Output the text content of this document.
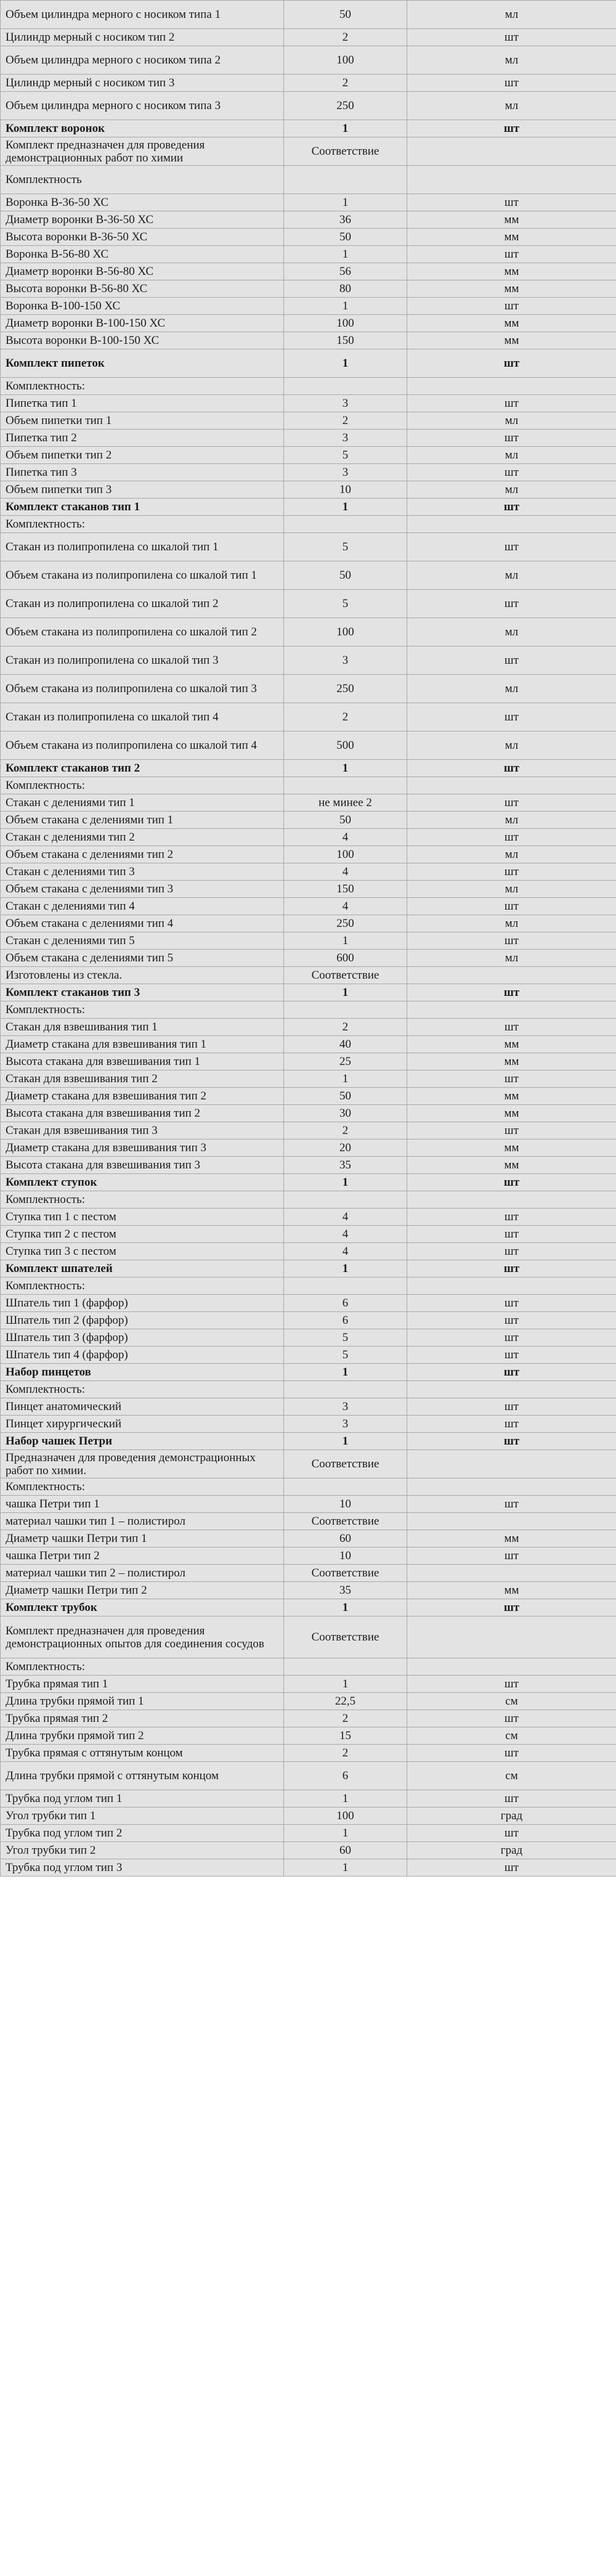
Объем цилиндра мерного с носиком типа 1	50	мл
Цилиндр мерный с носиком тип 2	2	шт
Объем цилиндра мерного с носиком типа 2	100	мл
Цилиндр мерный с носиком тип 3	2	шт
Объем цилиндра мерного с носиком типа 3	250	мл
Комплект воронок	1	шт
Комплект предназначен для проведения демонстрационных работ по химии	Соответствие	
Комплектность		
Воронка В-36-50 ХС	1	шт
Диаметр воронки В-36-50 ХС	36	мм
Высота воронки В-36-50 ХС	50	мм
Воронка В-56-80 ХС	1	шт
Диаметр воронки В-56-80 ХС	56	мм
Высота воронки В-56-80 ХС	80	мм
Воронка В-100-150 ХС	1	шт
Диаметр воронки В-100-150 ХС	100	мм
Высота воронки В-100-150 ХС	150	мм
Комплект пипеток	1	шт
Комплектность:		
Пипетка тип 1	3	шт
Объем пипетки тип 1	2	мл
Пипетка тип 2	3	шт
Объем пипетки тип 2	5	мл
Пипетка тип 3	3	шт
Объем пипетки тип 3	10	мл
Комплект стаканов тип 1	1	шт
Комплектность:		
Стакан из полипропилена со шкалой тип 1	5	шт
Объем стакана из полипропилена со шкалой тип 1	50	мл
Стакан из полипропилена со шкалой тип 2	5	шт
Объем стакана из полипропилена со шкалой тип 2	100	мл
Стакан из полипропилена со шкалой тип 3	3	шт
Объем стакана из полипропилена со шкалой тип 3	250	мл
Стакан из полипропилена со шкалой тип 4	2	шт
Объем стакана из полипропилена со шкалой тип 4	500	мл
Комплект стаканов тип 2	1	шт
Комплектность:		
Стакан с делениями тип 1	не минее 2	шт
Объем стакана с делениями тип 1	50	мл
Стакан с делениями тип 2	4	шт
Объем стакана с делениями тип 2	100	мл
Стакан с делениями тип 3	4	шт
Объем стакана с делениями тип 3	150	мл
Стакан с делениями тип 4	4	шт
Объем стакана с делениями тип 4	250	мл
Стакан с делениями тип 5	1	шт
Объем стакана с делениями тип 5	600	мл
Изготовлены из стекла.	Соответствие	
Комплект стаканов тип 3	1	шт
Комплектность:		
Стакан для взвешивания тип 1	2	шт
Диаметр стакана для взвешивания тип 1	40	мм
Высота стакана для взвешивания тип 1	25	мм
Стакан для взвешивания тип 2	1	шт
Диаметр стакана для взвешивания тип 2	50	мм
Высота стакана для взвешивания тип 2	30	мм
Стакан для взвешивания тип 3	2	шт
Диаметр стакана для взвешивания тип 3	20	мм
Высота стакана для взвешивания тип 3	35	мм
Комплект ступок	1	шт
Комплектность:		
Ступка тип 1 с пестом	4	шт
Ступка тип 2 с пестом	4	шт
Ступка тип 3 с пестом	4	шт
Комплект шпателей	1	шт
Комплектность:		
Шпатель тип 1 (фарфор)	6	шт
Шпатель тип 2 (фарфор)	6	шт
Шпатель тип 3 (фарфор)	5	шт
Шпатель тип 4 (фарфор)	5	шт
Набор пинцетов	1	шт
Комплектность:		
Пинцет анатомический	3	шт
Пинцет хирургический	3	шт
Набор чашек Петри	1	шт
Предназначен для проведения демонстрационных работ по химии.	Соответствие	
Комплектность:		
чашка Петри тип 1	10	шт
материал чашки тип 1 – полистирол	Соответствие	
Диаметр чашки Петри тип 1	60	мм
чашка Петри тип 2	10	шт
материал чашки тип 2 – полистирол	Соответствие	
Диаметр чашки Петри тип 2	35	мм
Комплект трубок	1	шт
Комплект предназначен для проведения демонстрационных опытов для соединения сосудов	Соответствие	
Комплектность:		
Трубка прямая тип 1	1	шт
Длина трубки прямой тип 1	22,5	см
Трубка прямая тип 2	2	шт
Длина трубки прямой тип 2	15	см
Трубка прямая с оттянутым концом	2	шт
Длина трубки прямой с оттянутым концом	6	см
Трубка под углом тип 1	1	шт
Угол трубки тип 1	100	град
Трубка под углом тип 2	1	шт
Угол трубки тип 2	60	град
Трубка под углом тип 3	1	шт
